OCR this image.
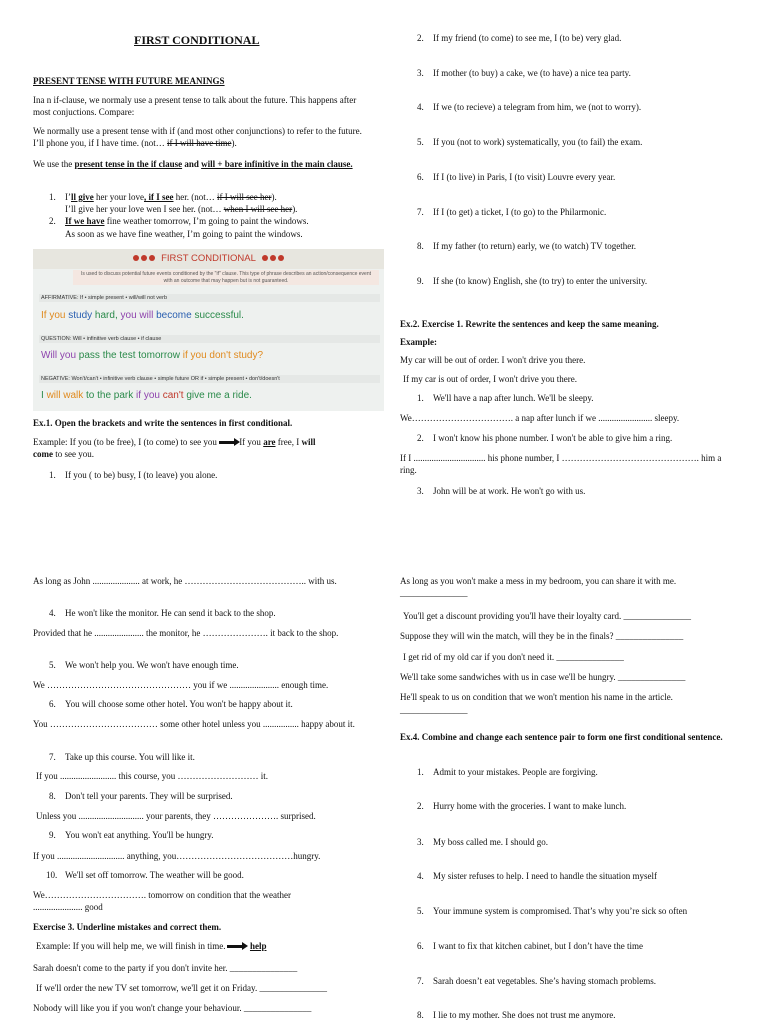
FIRST CONDITIONAL
PRESENT TENSE WITH FUTURE MEANINGS
Ina n if-clause, we normaly use a present tense to talk about the future. This happens after most conjuctions. Compare:
We normally use a present tense with if (and most other conjunctions) to refer to the future. I’ll phone you, if I have time. (not… if I will have time).
We use the present tense in the if clause and will + bare infinitive in the main clause.
1. I’ll give her your love, if I see her. (not… if I will see her).
I’ll give her your love wen I see her. (not… when I will see her).
2. If we have fine weather tomorrow, I’m going to paint the windows.
As soon as we have fine weather, I’m going to paint the windows.
FIRST CONDITIONAL
Is used to discuss potential future events conditioned by the "if" clause. This type of phrase describes an action/consequence event with an outcome that may happen but is not guaranteed.
AFFIRMATIVE: If • simple present • will/will not verb
If you study hard, you will become successful.
QUESTION: Will • infinitive verb clause • if clause
Will you pass the test tomorrow if you don't study?
NEGATIVE: Won't/can't • infinitive verb clause • simple future OR if • simple present • don't/doesn't
I will walk to the park if you can't give me a ride.
Ex.1. Open the brackets and write the sentences in first conditional.
Example: If you (to be free), I (to come) to see you If you are free, I will
come to see you.
1. If you ( to be) busy, I (to leave) you alone.
2. If my friend (to come) to see me, I (to be) very glad.
3. If mother (to buy) a cake, we (to have) a nice tea party.
4. If we (to recieve) a telegram from him, we (not to worry).
5. If you (not to work) systematically, you (to fail) the exam.
6. If I (to live) in Paris, I (to visit) Louvre every year.
7. If I (to get) a ticket, I (to go) to the Philarmonic.
8. If my father (to return) early, we (to watch) TV together.
9. If she (to know) English, she (to try) to enter the university.
Ex.2. Exercise 1. Rewrite the sentences and keep the same meaning.
Example:
My car will be out of order. I won't drive you there.
If my car is out of order, I won't drive you there.
1. We'll have a nap after lunch. We'll be sleepy.
We……………………………. a nap after lunch if we ........................ sleepy.
2. I won't know his phone number. I won't be able to give him a ring.
If I ................................ his phone number, I ………………………………………. him a ring.
3. John will be at work. He won't go with us.
As long as John ..................... at work, he ………………………………….. with us.
4. He won't like the monitor. He can send it back to the shop.
Provided that he ...................... the monitor, he …………………. it back to the shop.
5. We won't help you. We won't have enough time.
We ………………………………………… you if we ...................... enough time.
6. You will choose some other hotel. You won't be happy about it.
You ……………………………… some other hotel unless you ................ happy about it.
7. Take up this course. You will like it.
If you ......................... this course, you ……………………… it.
8. Don't tell your parents. They will be surprised.
Unless you ............................. your parents, they …………………. surprised.
9. You won't eat anything. You'll be hungry.
If you .............................. anything, you…………………………………hungry.
10. We'll set off tomorrow. The weather will be good.
We……………………………. tomorrow on condition that the weather ...................... good
Exercise 3. Underline mistakes and correct them.
Example: If you will help me, we will finish in time.	help
Sarah doesn't come to the party if you don't invite her. _______________
If we'll order the new TV set tomorrow, we'll get it on Friday. _______________
Nobody will like you if you won't change your behaviour. _______________
As long as you won't make a mess in my bedroom, you can share it with me.
_______________
You'll get a discount providing you'll have their loyalty card. _______________
Suppose they will win the match, will they be in the finals? _______________
I get rid of my old car if you don't need it. _______________
We'll take some sandwiches with us in case we'll be hungry. _______________
He'll speak to us on condition that we won't mention his name in the article.
_______________
Ex.4. Combine and change each sentence pair to form one first conditional sentence.
1. Admit to your mistakes. People are forgiving.
2. Hurry home with the groceries. I want to make lunch.
3. My boss called me. I should go.
4. My sister refuses to help. I need to handle the situation myself
5. Your immune system is compromised. That’s why you’re sick so often
6. I want to fix that kitchen cabinet, but I don’t have the time
7. Sarah doesn’t eat vegetables. She’s having stomach problems.
8. I lie to my mother. She does not trust me anymore.
